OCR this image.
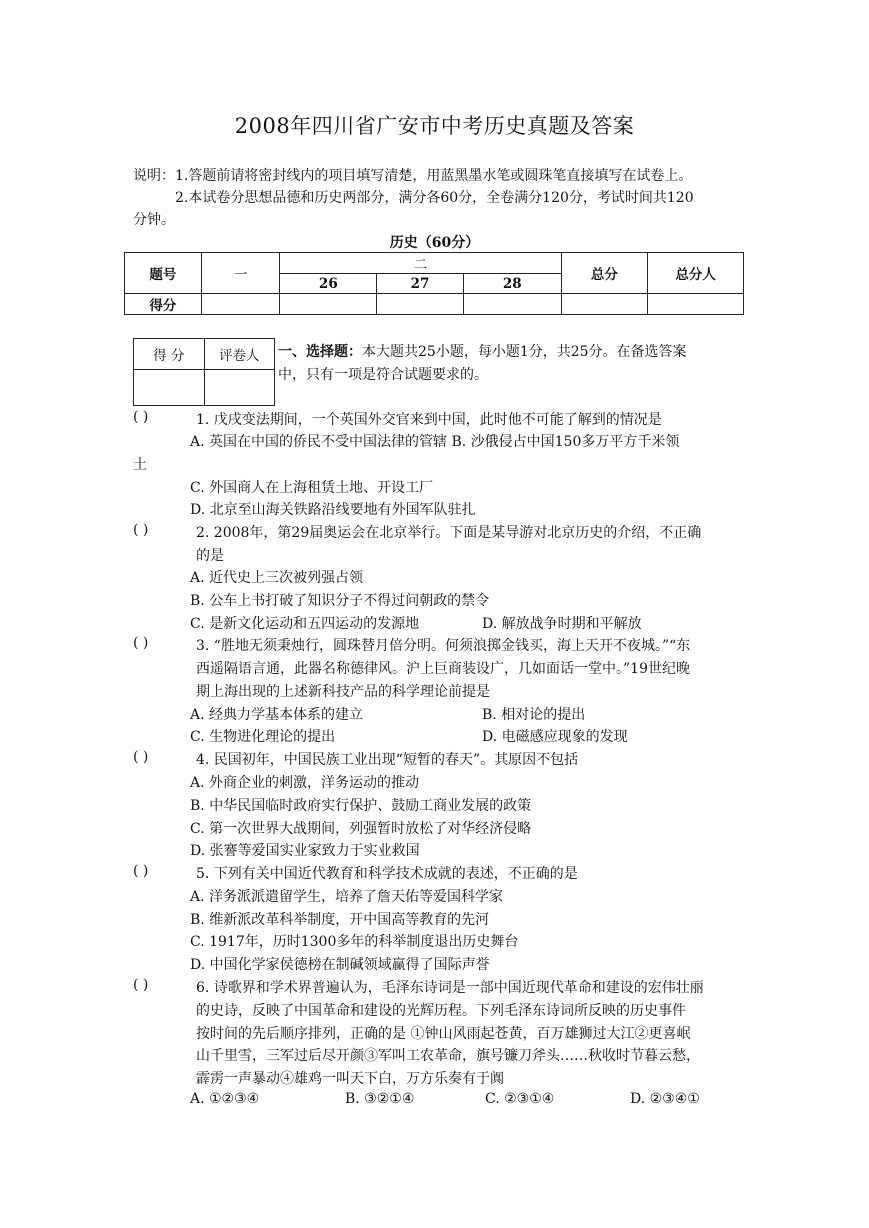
2008年四川省广安市中考历史真题及答案
说明： 1.答题前请将密封线内的项目填写清楚，用蓝黑墨水笔或圆珠笔直接填写在试卷上。
2.本试卷分思想品德和历史两部分，满分各60分，全卷满分120分，考试时间共120
分钟。
历史（60分）
题号	一	二			总分	总分人
		26	27	28		
得分						
得 分	评卷人
	一、选择题：本大题共25小题，每小题1分，共25分。在备选答案
中，只有一项是符合试题要求的。
( )	1. 戊戌变法期间，一个英国外交官来到中国，此时他不可能了解到的情况是
A. 英国在中国的侨民不受中国法律的管辖 B. 沙俄侵占中国150多万平方千米领
土
C. 外国商人在上海租赁土地、开设工厂
D. 北京至山海关铁路沿线要地有外国军队驻扎
( )	2. 2008年，第29届奥运会在北京举行。下面是某导游对北京历史的介绍，不正确
的是
A. 近代史上三次被列强占领
B. 公车上书打破了知识分子不得过问朝政的禁令
C. 是新文化运动和五四运动的发源地	D. 解放战争时期和平解放
( )	3. “胜地无须秉烛行，圆珠替月倍分明。何须浪掷金钱买，海上天开不夜城。”“东
西遥隔语言通，此器名称德律风。沪上巨商装设广，几如面话一堂中。”19世纪晚
期上海出现的上述新科技产品的科学理论前提是
A. 经典力学基本体系的建立	B. 相对论的提出
C. 生物进化理论的提出	D. 电磁感应现象的发现
( )	4. 民国初年，中国民族工业出现“短暂的春天”。其原因不包括
A. 外商企业的刺激，洋务运动的推动
B. 中华民国临时政府实行保护、鼓励工商业发展的政策
C. 第一次世界大战期间，列强暂时放松了对华经济侵略
D. 张謇等爱国实业家致力于实业救国
( )	5. 下列有关中国近代教育和科学技术成就的表述，不正确的是
A. 洋务派派遣留学生，培养了詹天佑等爱国科学家
B. 维新派改革科举制度，开中国高等教育的先河
C. 1917年，历时1300多年的科举制度退出历史舞台
D. 中国化学家侯德榜在制碱领域赢得了国际声誉
( )	6. 诗歌界和学术界普遍认为，毛泽东诗词是一部中国近现代革命和建设的宏伟壮丽
的史诗，反映了中国革命和建设的光辉历程。下列毛泽东诗词所反映的历史事件
按时间的先后顺序排列，正确的是 ①钟山风雨起苍黄，百万雄狮过大江②更喜岷
山千里雪，三军过后尽开颜③军叫工农革命，旗号镰刀斧头……秋收时节暮云愁，
霹雳一声暴动④雄鸡一叫天下白，万方乐奏有于阗
A. ①②③④	B. ③②①④	C. ②③①④	D. ②③④①
